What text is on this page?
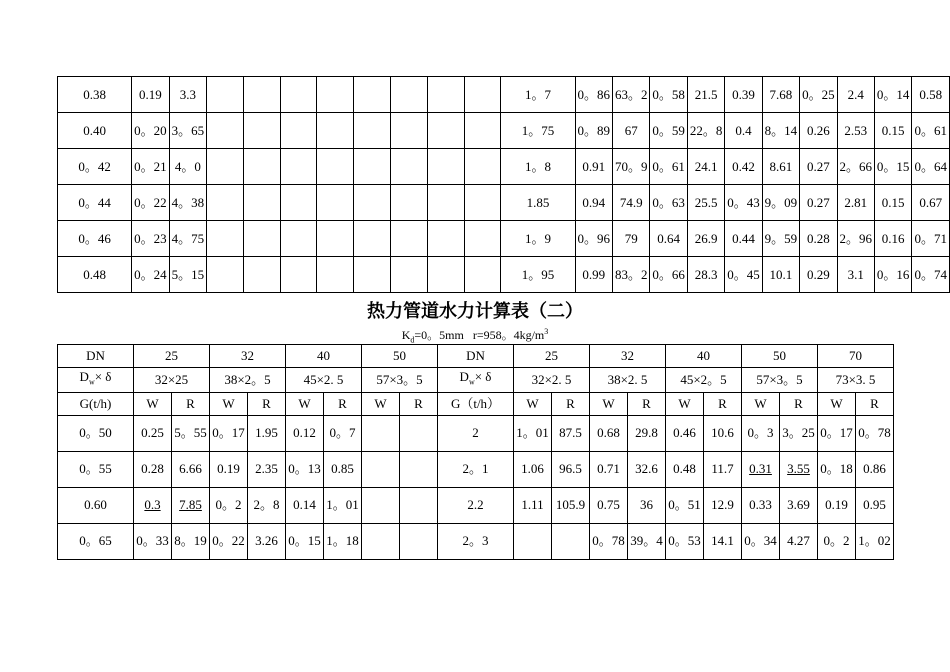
0.38	0.19	3.3									1。7	0。86	63。2	0。58	21.5	0.39	7.68	0。25	2.4	0。14	0.58
0.40	0。20	3。65									1。75	0。89	67	0。59	22。8	0.4	8。14	0.26	2.53	0.15	0。61
0。42	0。21	4。0									1。8	0.91	70。9	0。61	24.1	0.42	8.61	0.27	2。66	0。15	0。64
0。44	0。22	4。38									1.85	0.94	74.9	0。63	25.5	0。43	9。09	0.27	2.81	0.15	0.67
0。46	0。23	4。75									1。9	0。96	79	0.64	26.9	0.44	9。59	0.28	2。96	0.16	0。71
0.48	0。24	5。15									1。95	0.99	83。2	0。66	28.3	0。45	10.1	0.29	3.1	0。16	0。74
热力管道水力计算表（二）
$K_d=0$。5mm r=958。$4kg/m^3$
DN	25		32		40		50		DN	25		32		40		50		70	
$D_w\times \delta$	32×25		38×2。5		45×2. 5		57×3。5		$D_w\times \delta$	32×2. 5		38×2. 5		45×2。5		57×3。5		73×3. 5	
G(t/h)	W	R	W	R	W	R	W	R	G（t/h）	W	R	W	R	W	R	W	R	W	R
0。50	0.25	5。55	0。17	1.95	0.12	0。7			2	1。01	87.5	0.68	29.8	0.46	10.6	0。3	3。25	0。17	0。78
0。55	0.28	6.66	0.19	2.35	0。13	0.85			2。1	1.06	96.5	0.71	32.6	0.48	11.7	0.31	3.55	0。18	0.86
0.60	0.3	7.85	0。2	2。8	0.14	1。01			2.2	1.11	105.9	0.75	36	0。51	12.9	0.33	3.69	0.19	0.95
0。65	0。33	8。19	0。22	3.26	0。15	1。18			2。3			0。78	39。4	0。53	14.1	0。34	4.27	0。2	1。02
